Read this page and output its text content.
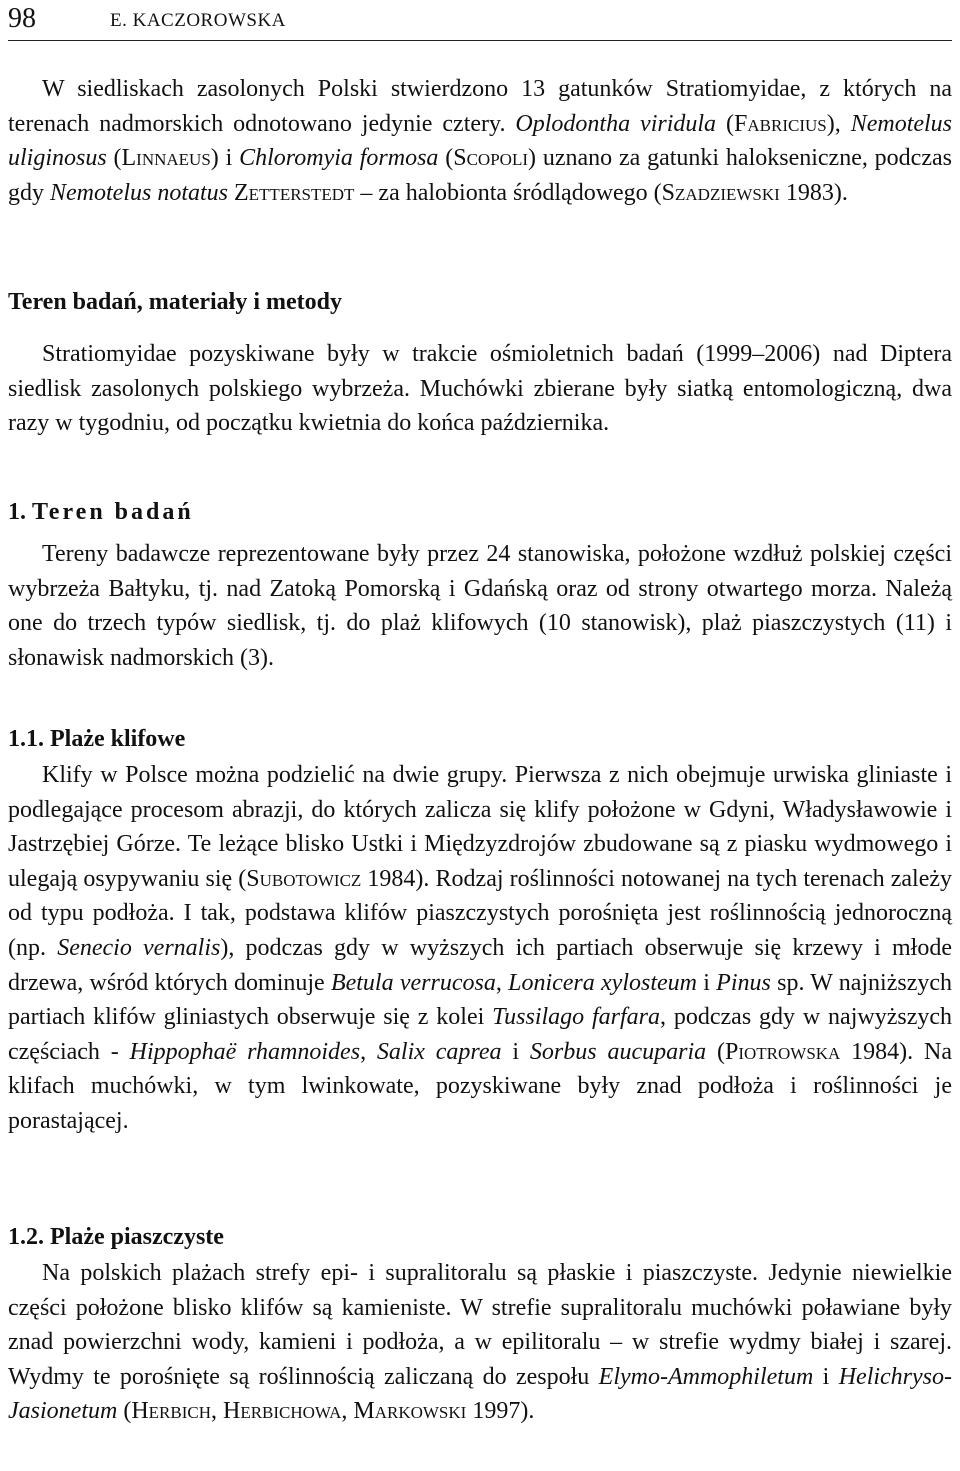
98	E. KACZOROWSKA

W siedliskach zasolonych Polski stwierdzono 13 gatunków Stratiomyidae, z których na terenach nadmorskich odnotowano jedynie cztery. Oplodontha viridula (Fabricius), Nemotelus uliginosus (Linnaeus) i Chloromyia formosa (Scopoli) uznano za gatunki halokseniczne, podczas gdy Nemotelus notatus Zetterstedt – za halobionta śródlądowego (Szadziewski 1983).

Teren badań, materiały i metody

Stratiomyidae pozyskiwane były w trakcie ośmioletnich badań (1999–2006) nad Diptera siedlisk zasolonych polskiego wybrzeża. Muchówki zbierane były siatką entomologiczną, dwa razy w tygodniu, od początku kwietnia do końca października.

1. Teren badań

Tereny badawcze reprezentowane były przez 24 stanowiska, położone wzdłuż polskiej części wybrzeża Bałtyku, tj. nad Zatoką Pomorską i Gdańską oraz od strony otwartego morza. Należą one do trzech typów siedlisk, tj. do plaż klifowych (10 stanowisk), plaż piaszczystych (11) i słonawisk nadmorskich (3).

1.1. Plaże klifowe

Klify w Polsce można podzielić na dwie grupy. Pierwsza z nich obejmuje urwiska gliniaste i podlegające procesom abrazji, do których zalicza się klify położone w Gdyni, Władysławowie i Jastrzębiej Górze. Te leżące blisko Ustki i Międzyzdrojów zbudowane są z piasku wydmowego i ulegają osypywaniu się (Subotowicz 1984). Rodzaj roślinności notowanej na tych terenach zależy od typu podłoża. I tak, podstawa klifów piaszczystych porośnięta jest roślinnością jednoroczną (np. Senecio vernalis), podczas gdy w wyższych ich partiach obserwuje się krzewy i młode drzewa, wśród których dominuje Betula verrucosa, Lonicera xylosteum i Pinus sp. W najniższych partiach klifów gliniastych obserwuje się z kolei Tussilago farfara, podczas gdy w najwyższych częściach - Hippophaë rhamnoides, Salix caprea i Sorbus aucuparia (Piotrowska 1984). Na klifach muchówki, w tym lwinkowate, pozyskiwane były znad podłoża i roślinności je porastającej.

1.2. Plaże piaszczyste

Na polskich plażach strefy epi- i supralitoralu są płaskie i piaszczyste. Jedynie niewielkie części położone blisko klifów są kamieniste. W strefie supralitoralu muchówki poławiane były znad powierzchni wody, kamieni i podłoża, a w epilitoralu – w strefie wydmy białej i szarej. Wydmy te porośnięte są roślinnością zaliczaną do zespołu Elymo-Ammophiletum i Helichryso-Jasionetum (Herbich, Herbichowa, Markowski 1997).
